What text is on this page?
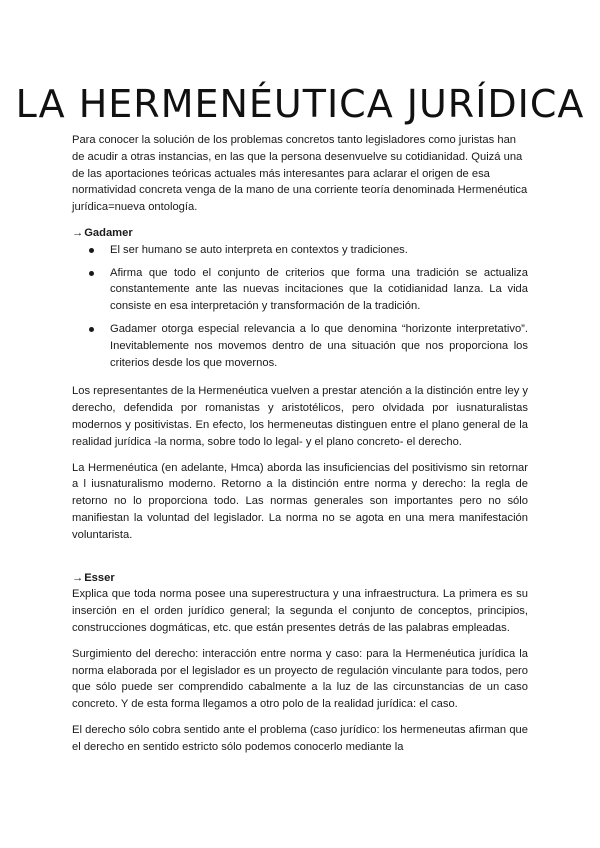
LA HERMENÉUTICA JURÍDICA

Para conocer la solución de los problemas concretos tanto legisladores como juristas han de acudir a otras instancias, en las que la persona desenvuelve su cotidianidad. Quizá una de las aportaciones teóricas actuales más interesantes para aclarar el origen de esa normatividad concreta venga de la mano de una corriente teoría denominada Hermenéutica jurídica=nueva ontología.

→ Gadamer
El ser humano se auto interpreta en contextos y tradiciones.
Afirma que todo el conjunto de criterios que forma una tradición se actualiza constantemente ante las nuevas incitaciones que la cotidianidad lanza. La vida consiste en esa interpretación y transformación de la tradición.
Gadamer otorga especial relevancia a lo que denomina “horizonte interpretativo”. Inevitablemente nos movemos dentro de una situación que nos proporciona los criterios desde los que movernos.

Los representantes de la Hermenéutica vuelven a prestar atención a la distinción entre ley y derecho, defendida por romanistas y aristotélicos, pero olvidada por iusnaturalistas modernos y positivistas. En efecto, los hermeneutas distinguen entre el plano general de la realidad jurídica -la norma, sobre todo lo legal- y el plano concreto- el derecho.

La Hermenéutica (en adelante, Hmca) aborda las insuficiencias del positivismo sin retornar a l iusnaturalismo moderno. Retorno a la distinción entre norma y derecho: la regla de retorno no lo proporciona todo. Las normas generales son importantes pero no sólo manifiestan la voluntad del legislador. La norma no se agota en una mera manifestación voluntarista.

→ Esser

Explica que toda norma posee una superestructura y una infraestructura. La primera es su inserción en el orden jurídico general; la segunda el conjunto de conceptos, principios, construcciones dogmáticas, etc. que están presentes detrás de las palabras empleadas.

Surgimiento del derecho: interacción entre norma y caso: para la Hermenéutica jurídica la norma elaborada por el legislador es un proyecto de regulación vinculante para todos, pero que sólo puede ser comprendido cabalmente a la luz de las circunstancias de un caso concreto. Y de esta forma llegamos a otro polo de la realidad jurídica: el caso.

El derecho sólo cobra sentido ante el problema (caso jurídico: los hermeneutas afirman que el derecho en sentido estricto sólo podemos conocerlo mediante la
